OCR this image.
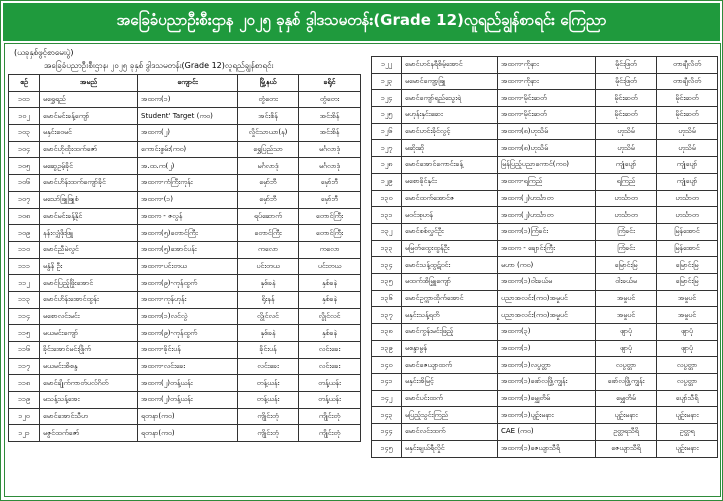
အခြေခံပညာဦးစီးဌာန ၂၀၂၅ ခုနှစ် ဒွါဒသမတန်း(Grade 12)လူရည်ချွန်စာရင်း ကြေညာ
(ယခုနှစ်ဖွင့်စာမေးပွဲ)
အခြေခံပညာဦးစီးဌာန၊ ၂၀၂၅ ခုနှစ် ဒွါဒသမတန်း(Grade 12)လူရည်ချွန်စာရင်း
စဉ်	အမည်	ကျောင်း	မြို့နယ်	ခရိုင်
၁၀၁	မရွှေရည်	အထက(၁)	တွံတေး	တွံတေး
၁၀၂	မောင်မင်းခန့်ကျော်	Student' Target (ကဝ)	အင်းစိန်	အင်းစိန်
၁၀၃	မနှင်းဝေမင်	အထက(၂)	လှိုင်သာယာ(န)	အင်းစိန်
၁၀၄	မောင်ဟိုထိုးထက်ဇော်	ကောင်းစွမ်း(ကဝ)	ရွှေပြည်သာ	မင်္ဂလာဒုံ
၁၀၅	မဆွေဥမ့်ခိုင်	အ.ထ.က(၂)	မင်္ဂလာဒုံ	မင်္ဂလာဒုံ
၁၀၆	မောင်ဟိန်းထက်ကျော်ခိုင်	အထက-ကံကြီးကုန်း	မှော်ဘီ	မှော်ဘီ
၁၀၇	မသော်ဖြူဖြူစံ	အထက-(၁)	မှော်ဘီ	မှော်ဘီ
၁၀၈	မောင်မင်းခန့်နိုင်	အထက - ဇလွန်	ရပ်ဆောက်	တောင်ကြီး
၁၀၉	နန်းလျှံဖိုးဖြူ	အထက(၅)တောင်ကြီး	တောင်ကြီး	တောင်ကြီး
၁၁၀	မောင်ညီမဲလွင်	အထက(၅)အောင်ပန်း	ကလော	ကလော
၁၁၁	မနွံနိ ဦး	အထက-ပင်းတယ	ပင်းတယ	ပင်းတယ
၁၁၂	မောင်ပြည့်ဖြိုးအောင်	အထက(၉)-ကုန်ထွက်	နှစ်ခနဲ	နှစ်ခနဲ
၁၁၃	မောင်ဟိန်းအောင်ထွန်း	အထက-ကုန်ဟုန်း	ရိုးနန်	နှစ်ခနဲ
၁၁၄	မစောလင်းမင်း	အထက(၁)လင်လွဲ	လွိုင်လင်	လွိုင်လင်
၁၁၅	မယမင်းကျော်	အထက(၉)-ကုန်ထွက်	နှစ်ခနဲ	နှစ်ခနဲ
၁၁၆	ခိုင်းအောင်မင်းဖြိုက်	အထက-ခိုင်းပန်	ခိုင်းပန်	လင်းခေး
၁၁၇	မယမင်းအိစန္ဒ	အထက-လင်းခေး	လင်းခေး	လင်းခေး
၁၁၈	မောင်ချိုက်ကာတ်ပလ်ဂိတ်	အထက(၂)တန့်ယန်း	တန့်ယန်း	တန့်ယန်း
၁၁၉	မသန့်သန့်အေး	အထက(၂)တန့်ယန်း	တန့်ယန်း	တန့်ယန်း
၁၂၀	မောင်အောင်သီဟ	ရတနာ(ကဝ)	ကျိုင်းတုံ	ကျိုင်းတုံ
၁၂၁	မဇွင်ထက်ဇော်	ရတနာ(ကဝ)	ကျိုင်းတုံ	ကျိုင်းတုံ
၁၂၂	မောင်ဟင်နရီစိမ့်အောင်	အထက-ကိုနား	မိုင်းဖြတ်	တာချီလိတ်
၁၂၃	မမောင်ကျော့ဖြူ	အထက-ကိုနား	မိုင်းဖြတ်	တာချီလိတ်
၁၂၄	မောင်ကျော်ရည်သွေးရဲ	အထက-မိုင်းဆတ်	မိုင်းဆတ်	မိုင်းဆတ်
၁၂၅	မဟုန်းနှင်းဆေး	အထက-မိုင်းဆတ်	မိုင်းဆတ်	မိုင်းဆတ်
၁၂၆	မောင်ဟင်းခိုင်လွင့်	အထက(၈)ဟုသိမ်	ဟုသိမ်	ဟုသိမ်
၁၂၇	မဆိုးဆို	အထက(၈)ဟုသိမ်	ဟုသိမ်	ဟုသိမ်
၁၂၈	မောင်အောင်ကောင်းခန့်	မြန်ပြည့်ပညာကောင်(ကဝ)	ကျုံပျော်	ကျုံပျော်
၁၂၉	မစောခိုင်နှင်း	အထက-ရကြည်	ရကြည်	ကျုံပျော်
၁၃၀	မောင်ထက်အောင်ဇ	အထက(၂)ဟင်္သာတ	ဟင်္သာတ	ဟင်္သာတ
၁၃၁	မဝင်းစုဟန်	အထက(၂)ဟင်္သာတ	ဟင်္သာတ	ဟင်္သာတ
၁၃၂	မောင်စစ်လွှင်ဦး	အထက(၁)ကြံခင်း	ကြံခင်း	မြန်အောင်
၁၃၃	မမြတ်ထွေးထွန်ဦး	အထက - ချောင်းကြီး	ကြံခင်း	မြန်အောင်
၁၃၄	မောင်သန့်ထွဋ်ဝင်း	မဟာ (ကဝ)	မြောင်းမြ	မြောင်းမြ
၁၃၅	မထက်အိမြှူကျော်	အထက(၁)ဝါးခယ်မ	ဝါးခယ်မ	မြောင်းမြ
၁၃၆	မောင်ဥက္ကာထိုက်အောင်	ပညာအလင်း(ကဝ)အမှုပင်	အမှုပင်	အမှုပင်
၁၃၇	မနှင်းသန့်ရတိ	ပညာအလင်း(ကဝ)အမှုပင်	အမှုပင်	အမှုပင်
၁၃၈	မောင်ကွန်းမင်းဖြည့်	အထက(၃)	ဖျာပုံ	ဖျာပုံ
၁၃၉	မစန္ဒာမွန်	အထက(၁)	ဖျာပုံ	ဖျာပုံ
၁၄၀	မောင်ဇေယျာထက်	အထက(၁)လပွတ္တာ	လပွတ္တာ	လပွတ္တာ
၁၄၁	မနှင်းအိမြင့်	အထက(၁)ဖော်လဖြို့ကျွန်း	ဖော်လဖြို့ကျွန်း	လပွတ္တာ
၁၄၂	မောင်ပင်းထက်	အထက(၁)မျွှေတိမ်	မျွှေတိမ်	ပျော်သီရိ
၁၄၃	မပြည့်သွင်းကြည်	အထက(၁)ပျဉ်းမနား	ပျဉ်းမနား	ပျဉ်းမနား
၁၄၄	မောင်လင်းထက်	CAE (ကဝ)	ဥတ္တရသီရိ	ဥတ္တရ
၁၄၅	မနှင်းချယ်ရီလှိုင်	အထက(၁)ဇေယျာသီရိ	ဇေယျာသီရိ	ပျဉ်းမနား
